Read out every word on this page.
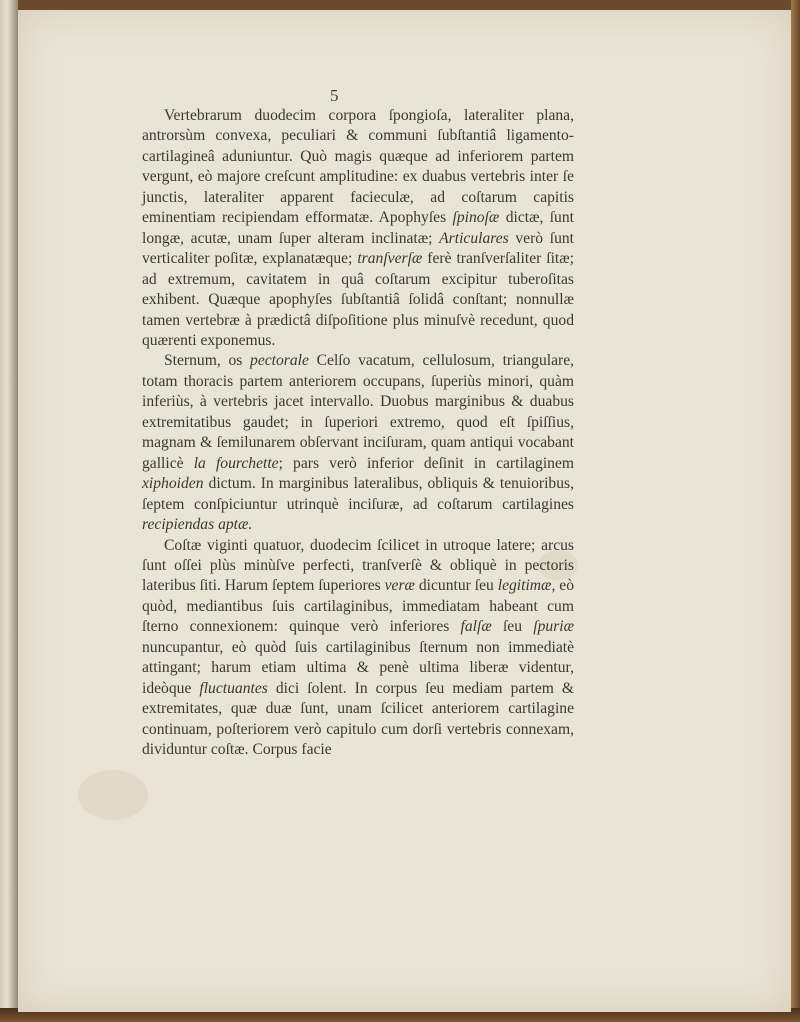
5

Vertebrarum duodecim corpora ſpongioſa, lateraliter plana, antrorsùm convexa, peculiari & communi ſubſtantiâ ligamento-cartilagineâ aduniuntur. Quò magis quæque ad inferiorem partem vergunt, eò majore creſcunt amplitudine: ex duabus vertebris inter ſe junctis, lateraliter apparent facieculæ, ad coſtarum capitis eminentiam recipiendam efformatæ. Apophyſes ſpinoſæ dictæ, ſunt longæ, acutæ, unam ſuper alteram inclinatæ; Articulares verò ſunt verticaliter poſitæ, explanatæque; tranſverſæ ferè tranſverſaliter ſitæ; ad extremum, cavitatem in quâ coſtarum excipitur tuberoſitas exhibent. Quæque apophyſes ſubſtantiâ ſolidâ conſtant; nonnullæ tamen vertebræ à prædictâ diſpoſitione plus minuſvè recedunt, quod quærenti exponemus.

Sternum, os pectorale Celſo vacatum, cellulosum, triangulare, totam thoracis partem anteriorem occupans, ſuperiùs minori, quàm inferiùs, à vertebris jacet intervallo. Duobus marginibus & duabus extremitatibus gaudet; in ſuperiori extremo, quod eſt ſpiſſius, magnam & ſemilunarem obſervant inciſuram, quam antiqui vocabant gallicè la fourchette; pars verò inferior deſinit in cartilaginem xiphoiden dictum. In marginibus lateralibus, obliquis & tenuioribus, ſeptem conſpiciuntur utrinquè inciſuræ, ad coſtarum cartilagines recipiendas aptæ.

Coſtæ viginti quatuor, duodecim ſcilicet in utroque latere; arcus ſunt oſſei plùs minùſve perfecti, tranſverſè & obliquè in pectoris lateribus ſiti. Harum ſeptem ſuperiores veræ dicuntur ſeu legitimæ, eò quòd, mediantibus ſuis cartilaginibus, immediatam habeant cum ſterno connexionem: quinque verò inferiores falſæ ſeu ſpuriæ nuncupantur, eò quòd ſuis cartilaginibus ſternum non immediatè attingant; harum etiam ultima & penè ultima liberæ videntur, ideòque fluctuantes dici ſolent. In corpus ſeu mediam partem & extremitates, quæ duæ ſunt, unam ſcilicet anteriorem cartilagine continuam, poſteriorem verò capitulo cum dorſi vertebris connexam, dividuntur coſtæ. Corpus facie
